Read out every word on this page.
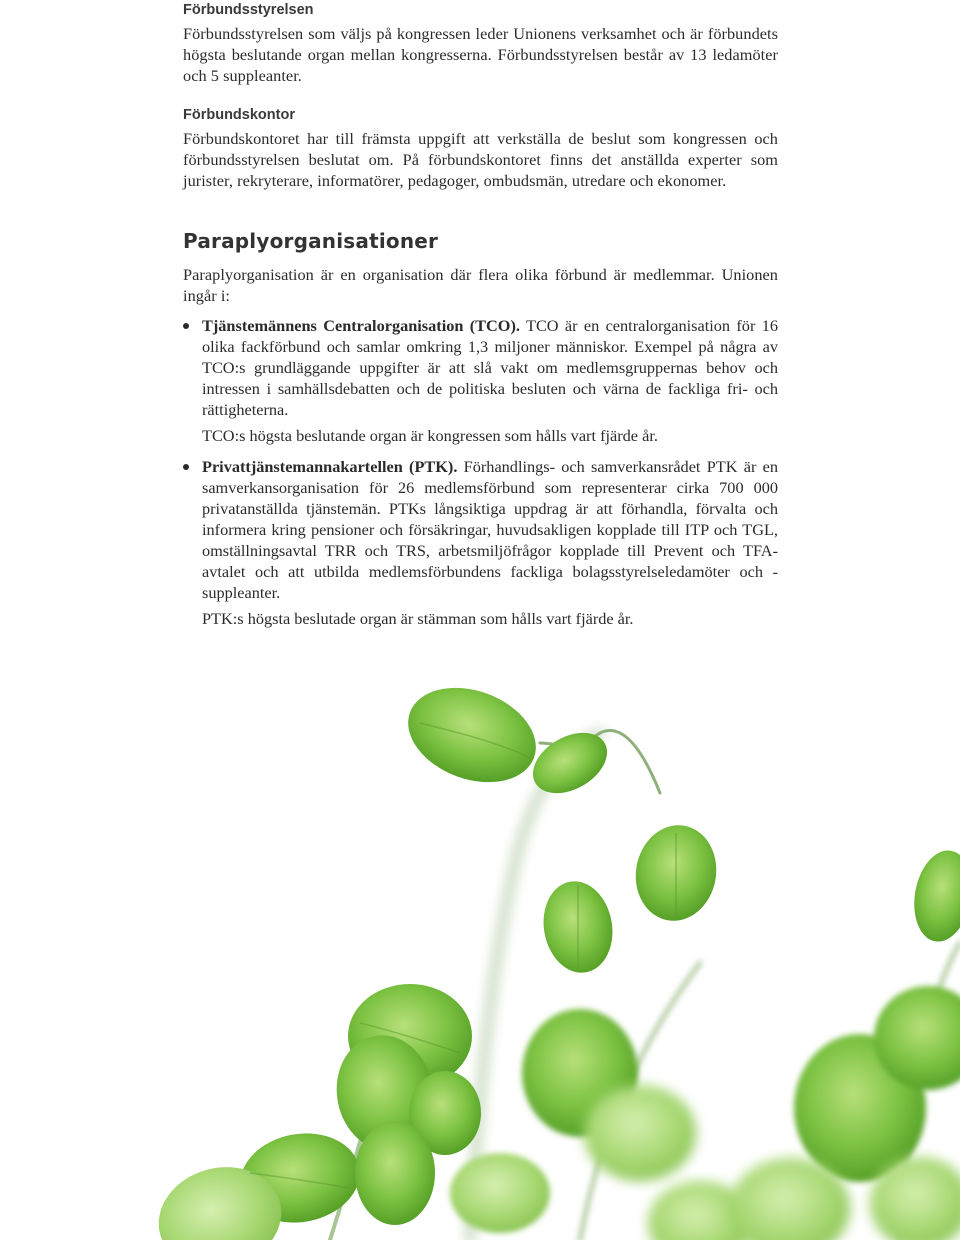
Förbundsstyrelsen

Förbundsstyrelsen som väljs på kongressen leder Unionens verksamhet och är förbundets högsta beslutande organ mellan kongresserna. Förbundsstyrelsen består av 13 ledamöter och 5 suppleanter.

Förbundskontor

Förbundskontoret har till främsta uppgift att verkställa de beslut som kongressen och förbundsstyrelsen beslutat om. På förbundskontoret finns det anställda experter som jurister, rekryterare, informatörer, pedagoger, ombudsmän, utredare och ekonomer.

Paraplyorganisationer

Paraplyorganisation är en organisation där flera olika förbund är medlemmar. Unionen ingår i:

Tjänstemännens Centralorganisation (TCO). TCO är en centralorganisation för 16 olika fackförbund och samlar omkring 1,3 miljoner människor. Exempel på några av TCO:s grundläggande uppgifter är att slå vakt om medlemsgruppernas behov och intressen i samhällsdebatten och de politiska besluten och värna de fackliga fri- och rättigheterna.

TCO:s högsta beslutande organ är kongressen som hålls vart fjärde år.

Privattjänstemannakartellen (PTK). Förhandlings- och samverkansrådet PTK är en samverkansorganisation för 26 medlemsförbund som representerar cirka 700 000 privatanställda tjänstemän. PTKs långsiktiga uppdrag är att förhandla, förvalta och informera kring pensioner och försäkringar, huvudsakligen kopplade till ITP och TGL, omställningsavtal TRR och TRS, arbetsmiljöfrågor kopplade till Prevent och TFA-avtalet och att utbilda medlemsförbundens fackliga bolagsstyrelseledamöter och -suppleanter.

PTK:s högsta beslutade organ är stämman som hålls vart fjärde år.
